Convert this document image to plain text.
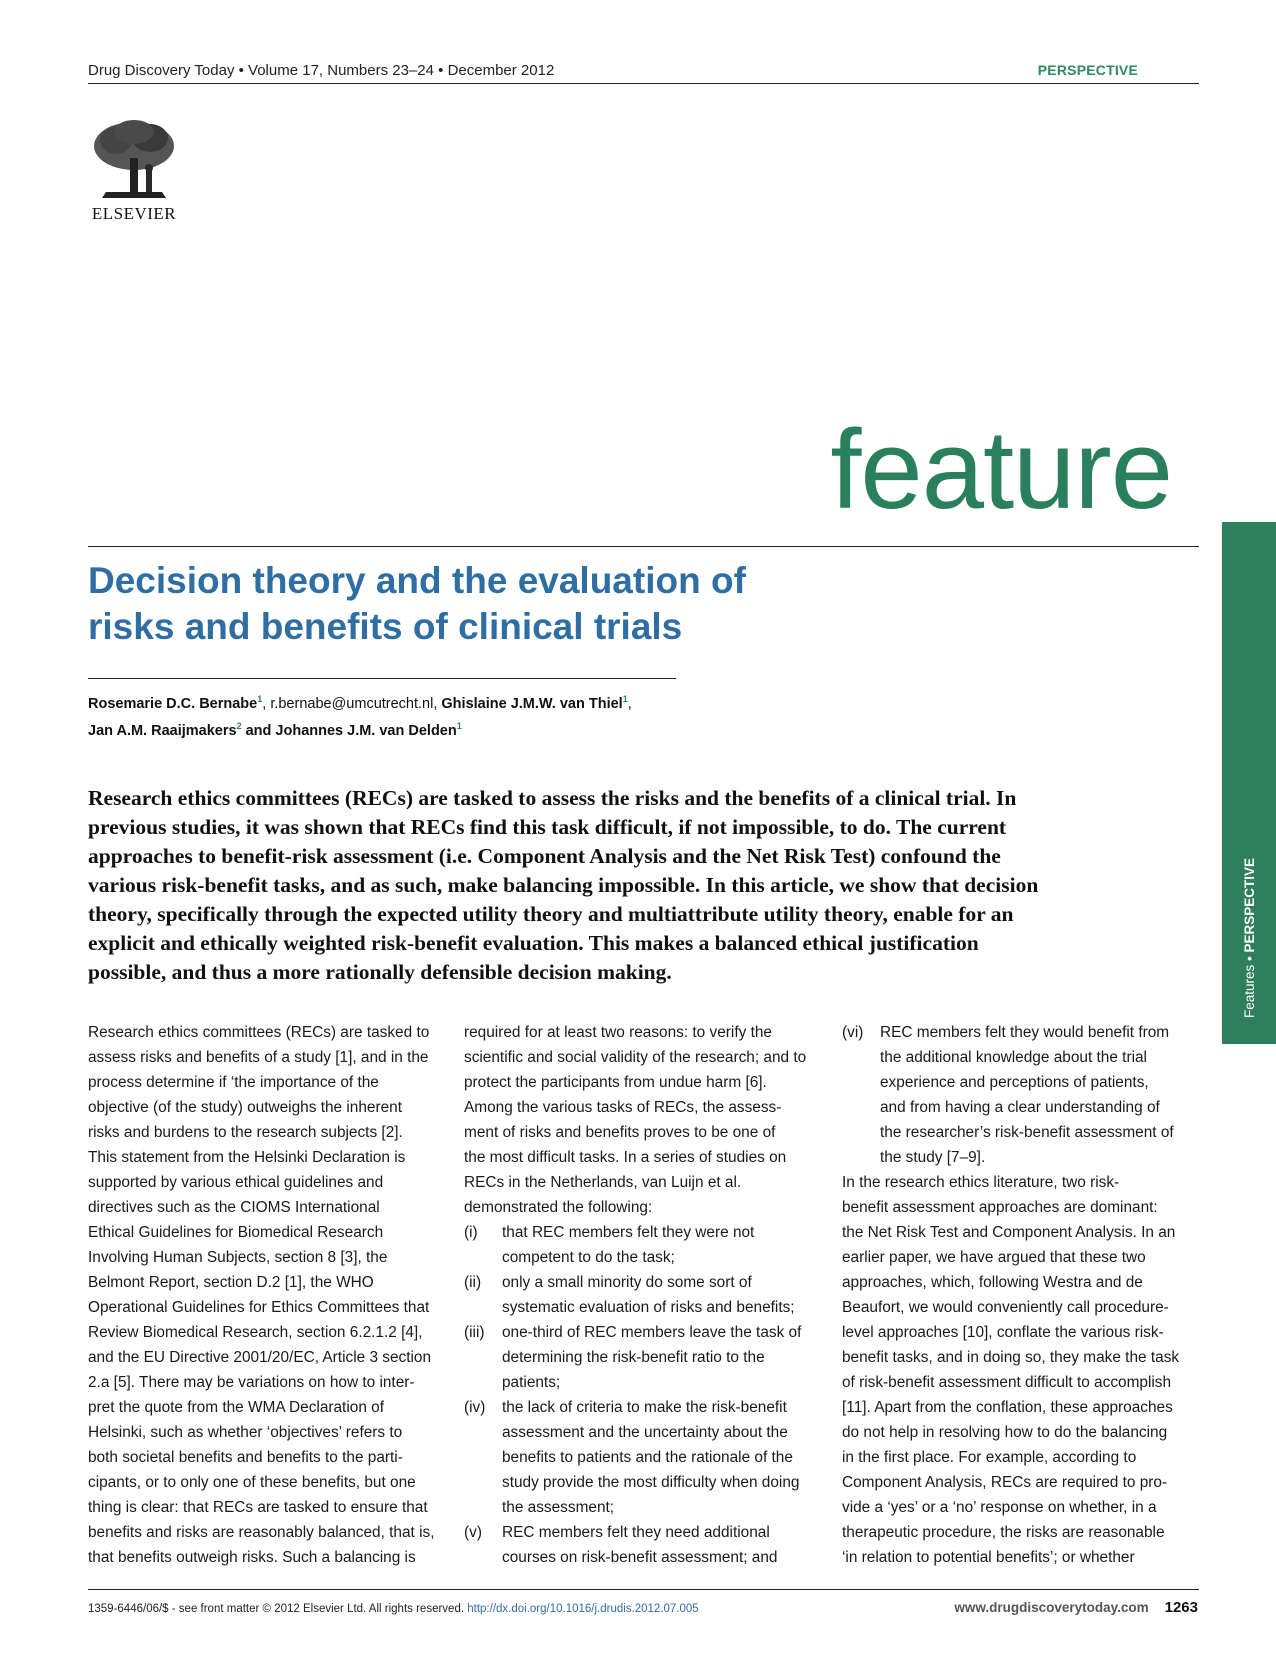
Drug Discovery Today • Volume 17, Numbers 23–24 • December 2012	PERSPECTIVE
ELSEVIER
feature
Decision theory and the evaluation of
risks and benefits of clinical trials
Rosemarie D.C. Bernabe$^1$, r.bernabe@umcutrecht.nl, Ghislaine J.M.W. van Thiel$^1$,
Jan A.M. Raaijmakers$^2$ and Johannes J.M. van Delden$^1$
Research ethics committees (RECs) are tasked to assess the risks and the benefits of a clinical trial. In
previous studies, it was shown that RECs find this task difficult, if not impossible, to do. The current
approaches to benefit-risk assessment (i.e. Component Analysis and the Net Risk Test) confound the
various risk-benefit tasks, and as such, make balancing impossible. In this article, we show that decision
theory, specifically through the expected utility theory and multiattribute utility theory, enable for an
explicit and ethically weighted risk-benefit evaluation. This makes a balanced ethical justification
possible, and thus a more rationally defensible decision making.
Research ethics committees (RECs) are tasked to
assess risks and benefits of a study [1], and in the
process determine if ‘the importance of the
objective (of the study) outweighs the inherent
risks and burdens to the research subjects [2].
This statement from the Helsinki Declaration is
supported by various ethical guidelines and
directives such as the CIOMS International
Ethical Guidelines for Biomedical Research
Involving Human Subjects, section 8 [3], the
Belmont Report, section D.2 [1], the WHO
Operational Guidelines for Ethics Committees that
Review Biomedical Research, section 6.2.1.2 [4],
and the EU Directive 2001/20/EC, Article 3 section
2.a [5]. There may be variations on how to inter-
pret the quote from the WMA Declaration of
Helsinki, such as whether ‘objectives’ refers to
both societal benefits and benefits to the parti-
cipants, or to only one of these benefits, but one
thing is clear: that RECs are tasked to ensure that
benefits and risks are reasonably balanced, that is,
that benefits outweigh risks. Such a balancing is
required for at least two reasons: to verify the
scientific and social validity of the research; and to
protect the participants from undue harm [6].
Among the various tasks of RECs, the assess-
ment of risks and benefits proves to be one of
the most difficult tasks. In a series of studies on
RECs in the Netherlands, van Luijn et al.
demonstrated the following:
(i) that REC members felt they were not
competent to do the task;
(ii) only a small minority do some sort of
systematic evaluation of risks and benefits;
(iii) one-third of REC members leave the task of
determining the risk-benefit ratio to the
patients;
(iv) the lack of criteria to make the risk-benefit
assessment and the uncertainty about the
benefits to patients and the rationale of the
study provide the most difficulty when doing
the assessment;
(v) REC members felt they need additional
courses on risk-benefit assessment; and
(vi) REC members felt they would benefit from
the additional knowledge about the trial
experience and perceptions of patients,
and from having a clear understanding of
the researcher’s risk-benefit assessment of
the study [7–9].
In the research ethics literature, two risk-
benefit assessment approaches are dominant:
the Net Risk Test and Component Analysis. In an
earlier paper, we have argued that these two
approaches, which, following Westra and de
Beaufort, we would conveniently call procedure-
level approaches [10], conflate the various risk-
benefit tasks, and in doing so, they make the task
of risk-benefit assessment difficult to accomplish
[11]. Apart from the conflation, these approaches
do not help in resolving how to do the balancing
in the first place. For example, according to
Component Analysis, RECs are required to pro-
vide a ‘yes’ or a ‘no’ response on whether, in a
therapeutic procedure, the risks are reasonable
‘in relation to potential benefits’; or whether
Features • PERSPECTIVE
1359-6446/06/$ - see front matter © 2012 Elsevier Ltd. All rights reserved. http://dx.doi.org/10.1016/j.drudis.2012.07.005	www.drugdiscoverytoday.com 1263
